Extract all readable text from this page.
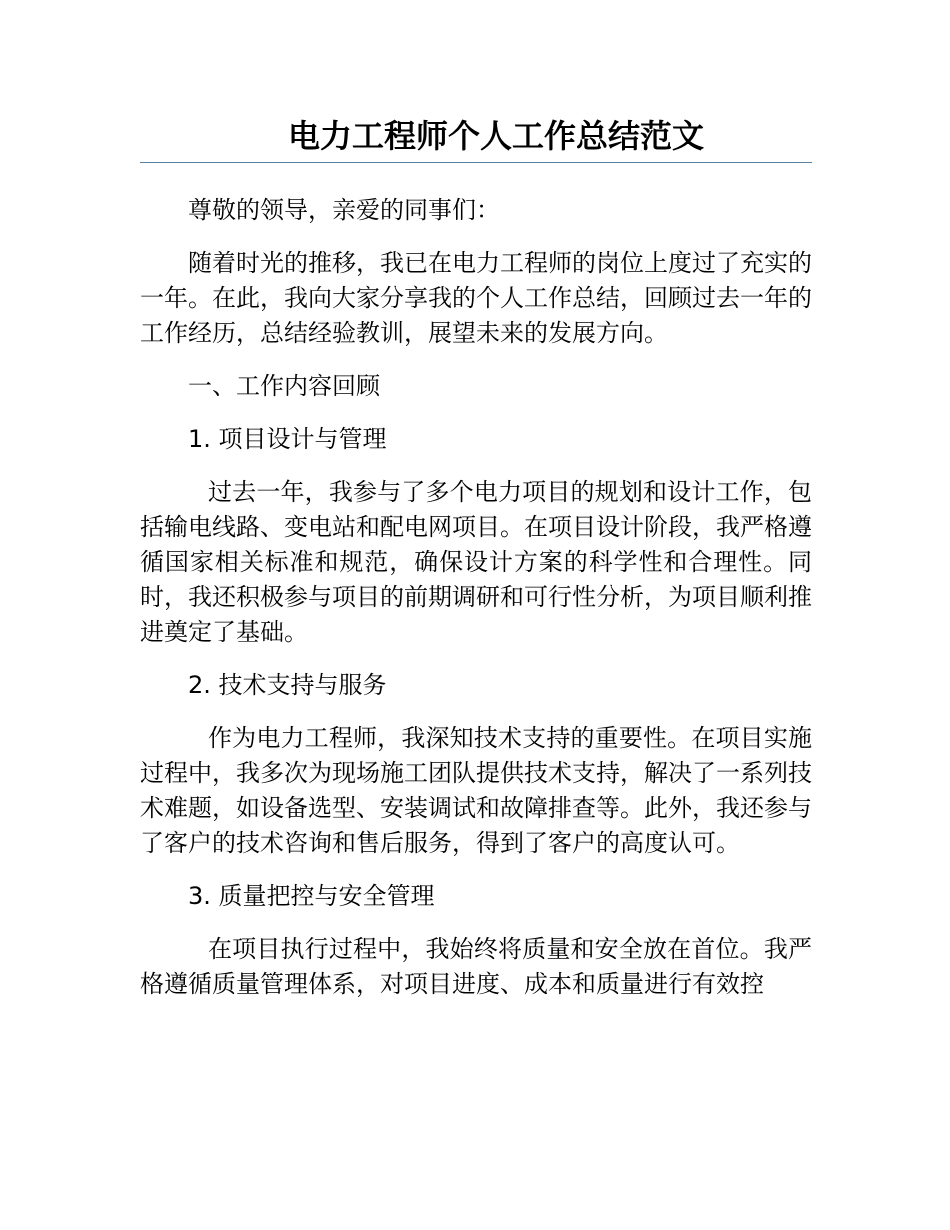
电力工程师个人工作总结范文

尊敬的领导，亲爱的同事们：

随着时光的推移，我已在电力工程师的岗位上度过了充实的一年。在此，我向大家分享我的个人工作总结，回顾过去一年的工作经历，总结经验教训，展望未来的发展方向。

一、工作内容回顾

1. 项目设计与管理

过去一年，我参与了多个电力项目的规划和设计工作，包括输电线路、变电站和配电网项目。在项目设计阶段，我严格遵循国家相关标准和规范，确保设计方案的科学性和合理性。同时，我还积极参与项目的前期调研和可行性分析，为项目顺利推进奠定了基础。

2. 技术支持与服务

作为电力工程师，我深知技术支持的重要性。在项目实施过程中，我多次为现场施工团队提供技术支持，解决了一系列技术难题，如设备选型、安装调试和故障排查等。此外，我还参与了客户的技术咨询和售后服务，得到了客户的高度认可。

3. 质量把控与安全管理

在项目执行过程中，我始终将质量和安全放在首位。我严格遵循质量管理体系，对项目进度、成本和质量进行有效控
